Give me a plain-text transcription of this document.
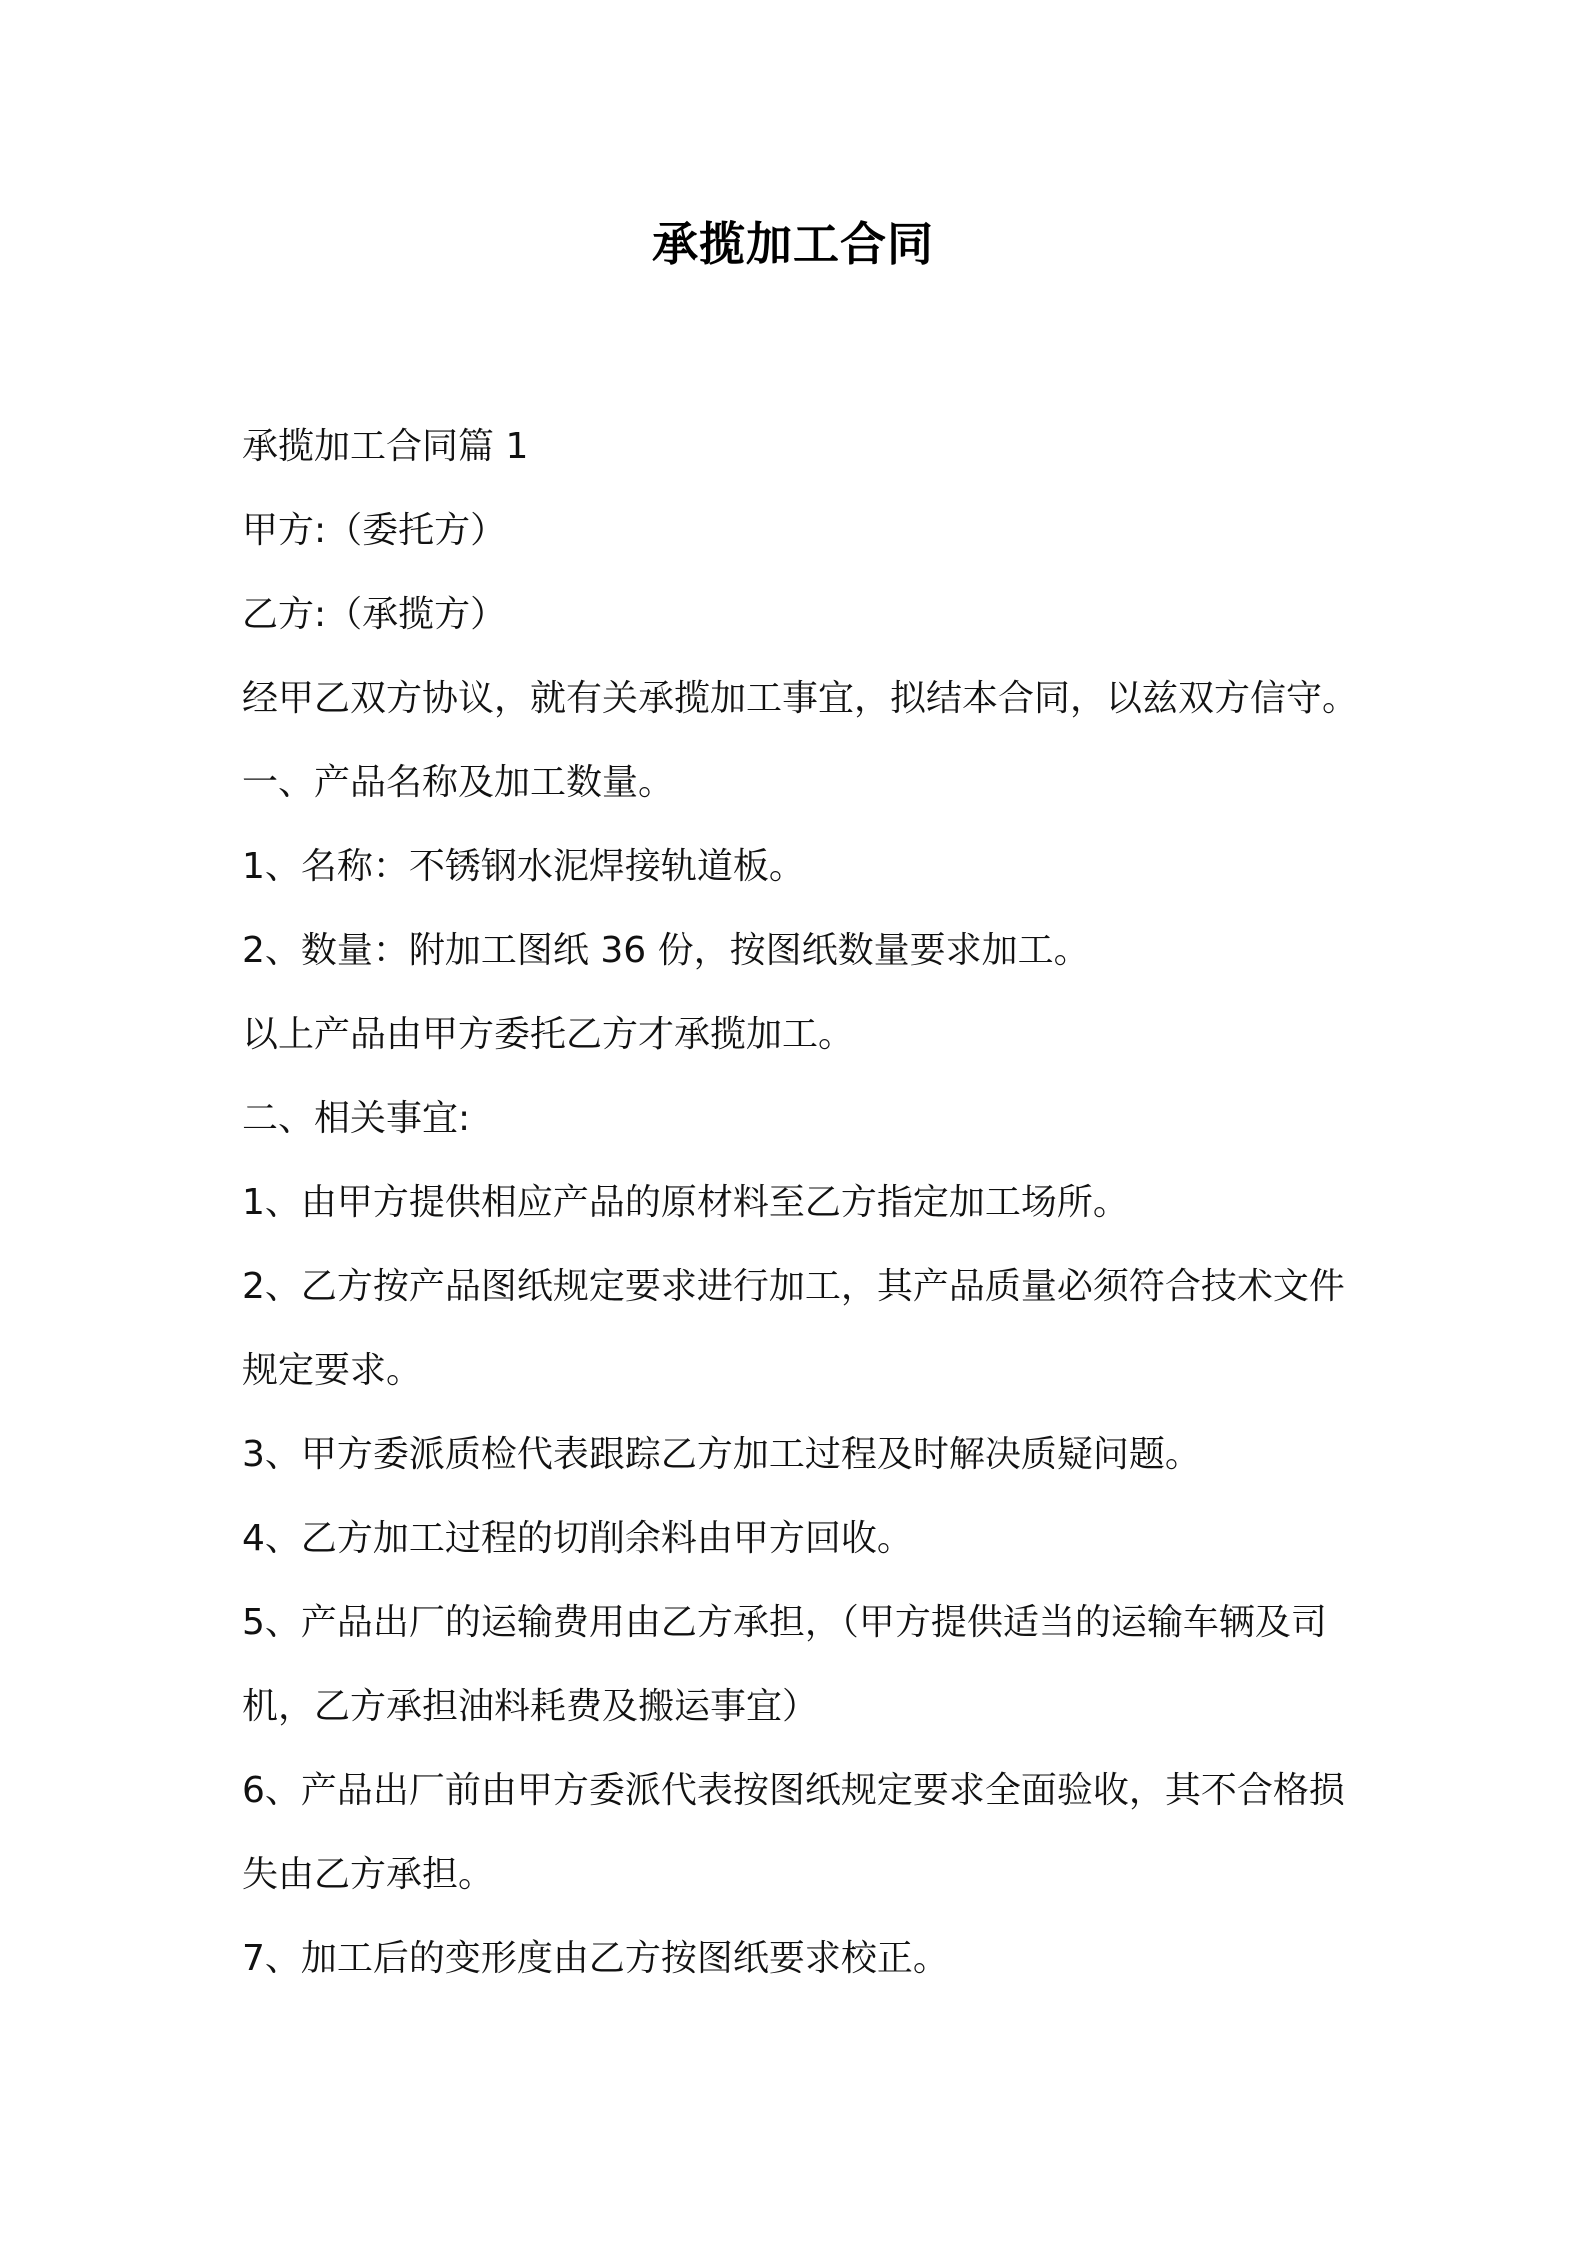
承揽加工合同

承揽加工合同篇 1

甲方:（委托方）

乙方:（承揽方）

经甲乙双方协议，就有关承揽加工事宜，拟结本合同，以兹双方信守。

一、产品名称及加工数量。

1、名称：不锈钢水泥焊接轨道板。

2、数量：附加工图纸 36 份，按图纸数量要求加工。

以上产品由甲方委托乙方才承揽加工。

二、相关事宜:

1、由甲方提供相应产品的原材料至乙方指定加工场所。

2、乙方按产品图纸规定要求进行加工，其产品质量必须符合技术文件规定要求。

3、甲方委派质检代表跟踪乙方加工过程及时解决质疑问题。

4、乙方加工过程的切削余料由甲方回收。

5、产品出厂的运输费用由乙方承担，（甲方提供适当的运输车辆及司机，乙方承担油料耗费及搬运事宜）

6、产品出厂前由甲方委派代表按图纸规定要求全面验收，其不合格损失由乙方承担。

7、加工后的变形度由乙方按图纸要求校正。
